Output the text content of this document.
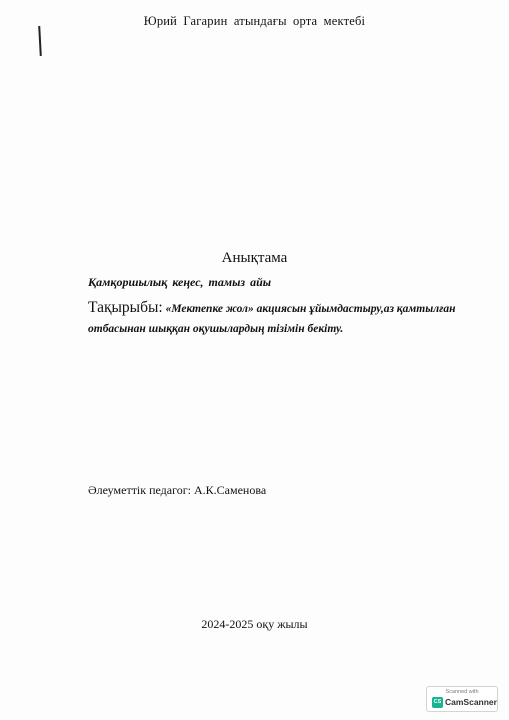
Юрий Гагарин атындағы орта мектебі
Анықтама
Қамқоршылық кеңес, тамыз айы
Тақырыбы: «Мектепке жол» акциясын ұйымдастыру,аз қамтылған отбасынан шыққан оқушылардың тізімін бекіту.
Әлеуметтік педагог: А.К.Саменова
2024-2025 оқу жылы
Scanned with
CS CamScanner
